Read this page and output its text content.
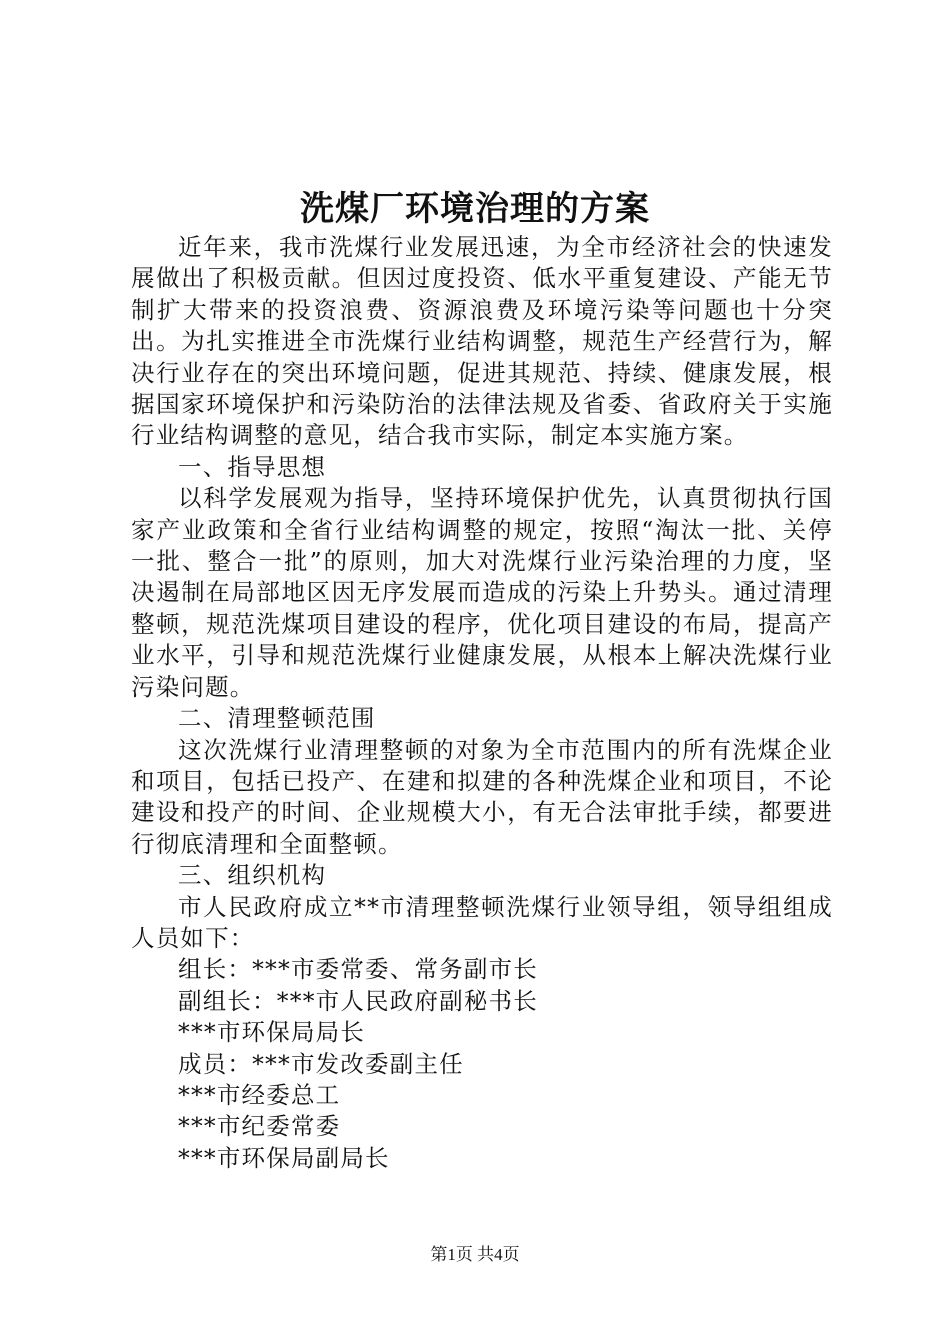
洗煤厂环境治理的方案

近年来，我市洗煤行业发展迅速，为全市经济社会的快速发展做出了积极贡献。但因过度投资、低水平重复建设、产能无节制扩大带来的投资浪费、资源浪费及环境污染等问题也十分突出。为扎实推进全市洗煤行业结构调整，规范生产经营行为，解决行业存在的突出环境问题，促进其规范、持续、健康发展，根据国家环境保护和污染防治的法律法规及省委、省政府关于实施行业结构调整的意见，结合我市实际，制定本实施方案。

一、指导思想

以科学发展观为指导，坚持环境保护优先，认真贯彻执行国家产业政策和全省行业结构调整的规定，按照“淘汰一批、关停一批、整合一批”的原则，加大对洗煤行业污染治理的力度，坚决遏制在局部地区因无序发展而造成的污染上升势头。通过清理整顿，规范洗煤项目建设的程序，优化项目建设的布局，提高产业水平，引导和规范洗煤行业健康发展，从根本上解决洗煤行业污染问题。

二、清理整顿范围

这次洗煤行业清理整顿的对象为全市范围内的所有洗煤企业和项目，包括已投产、在建和拟建的各种洗煤企业和项目，不论建设和投产的时间、企业规模大小，有无合法审批手续，都要进行彻底清理和全面整顿。

三、组织机构

市人民政府成立**市清理整顿洗煤行业领导组，领导组组成人员如下：

组长：***市委常委、常务副市长

副组长：***市人民政府副秘书长

***市环保局局长

成员：***市发改委副主任

***市经委总工

***市纪委常委

***市环保局副局长

第1页 共4页
